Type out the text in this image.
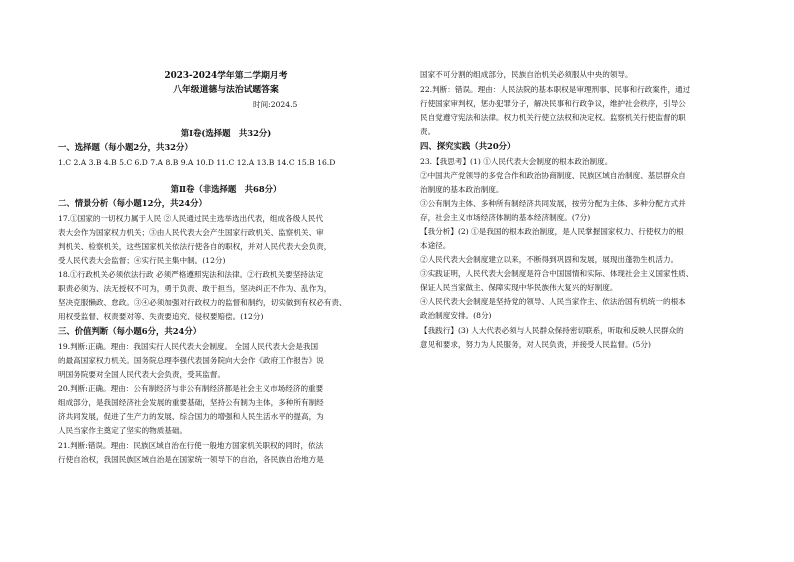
2023-2024学年第二学期月考
八年级道德与法治试题答案
时间:2024.5
第Ⅰ卷(选择题　共32分)
一、选择题（每小题2分，共32分）
1.C 2.A 3.B 4.B 5.C 6.D 7.A 8.B 9.A 10.D 11.C 12.A 13.B 14.C 15.B 16.D
第Ⅱ卷（非选择题　共68分）
二、情景分析（每小题12分，共24分）
17.①国家的一切权力属于人民 ②人民通过民主选举选出代表，组成各级人民代
表大会作为国家权力机关；③由人民代表大会产生国家行政机关、监察机关、审
判机关、检察机关，这些国家机关依法行使各自的职权，并对人民代表大会负责，
受人民代表大会监督；④实行民主集中制。(12分)
18.①行政机关必须依法行政 必须严格遵照宪法和法律。②行政机关要坚持法定
职责必须为、法无授权不可为，勇于负责、敢于担当，坚决纠正不作为、乱作为，
坚决克服懒政、怠政。③④必须加强对行政权力的监督和制约，切实做到有权必有责、
用权受监督、权责要对等、失责要追究、侵权要赔偿。(12分)
三、价值判断（每小题6分，共24分）
19.判断:正确。理由：我国实行人民代表大会制度。 全国人民代表大会是我国
的最高国家权力机关。国务院总理李强代表国务院向大会作《政府工作报告》说
明国务院要对全国人民代表大会负责，受其监督。
20.判断:正确。理由：公有制经济与非公有制经济都是社会主义市场经济的重要
组成部分，是我国经济社会发展的重要基础，坚持公有制为主体，多种所有制经
济共同发展，促进了生产力的发展、综合国力的增强和人民生活水平的提高，为
人民当家作主奠定了坚实的物质基础。
21.判断:错误。理由：民族区域自治在行使一般地方国家机关职权的同时，依法
行使自治权，我国民族区域自治是在国家统一领导下的自治，各民族自治地方是
国家不可分割的组成部分，民族自治机关必须服从中央的领导。
22.判断：错误。理由：人民法院的基本职权是审理刑事、民事和行政案件，通过
行使国家审判权，惩办犯罪分子，解决民事和行政争议，维护社会秩序，引导公
民自觉遵守宪法和法律。权力机关行使立法权和决定权。监察机关行使监督的职
责。
四、探究实践（共20分）
23.【我思考】(1) ①人民代表大会制度的根本政治制度。
②中国共产党领导的多党合作和政治协商制度、民族区域自治制度、基层群众自
治制度的基本政治制度。
③公有制为主体、多种所有制经济共同发展，按劳分配为主体、多种分配方式并
存，社会主义市场经济体制的基本经济制度。(7分)
【我分析】(2) ①是我国的根本政治制度，是人民掌握国家权力、行使权力的根
本途径。
②人民代表大会制度建立以来，不断得到巩固和发展，展现出蓬勃生机活力。
③实践证明，人民代表大会制度是符合中国国情和实际、体现社会主义国家性质、
保证人民当家做主、保障实现中华民族伟大复兴的好制度。
④人民代表大会制度是坚持党的领导、人民当家作主、依法治国有机统一的根本
政治制度安排。(8分)
【我践行】(3) 人大代表必须与人民群众保持密切联系，听取和反映人民群众的
意见和要求，努力为人民服务，对人民负责，并接受人民监督。(5分)
